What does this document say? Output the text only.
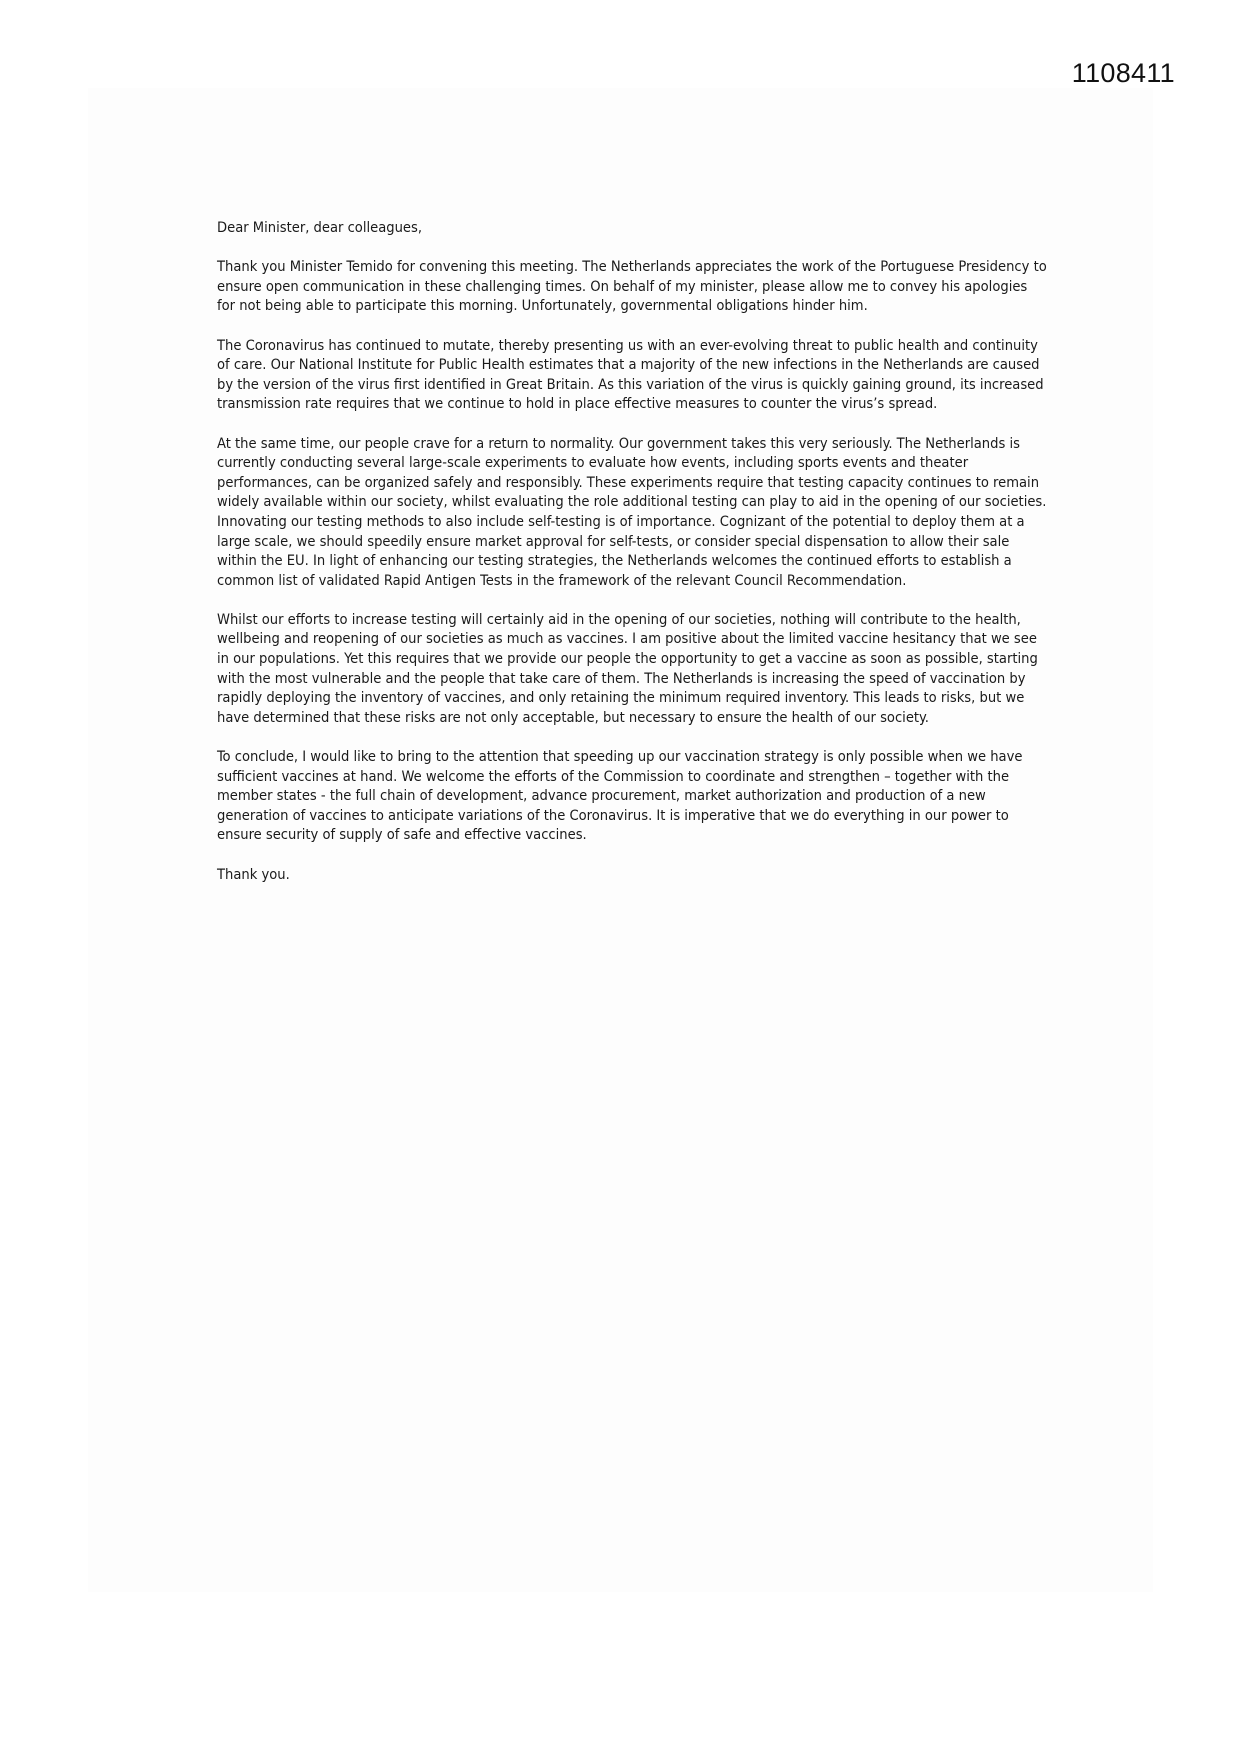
1108411

Dear Minister, dear colleagues,

Thank you Minister Temido for convening this meeting. The Netherlands appreciates the work of the Portuguese Presidency to ensure open communication in these challenging times. On behalf of my minister, please allow me to convey his apologies for not being able to participate this morning. Unfortunately, governmental obligations hinder him.

The Coronavirus has continued to mutate, thereby presenting us with an ever-evolving threat to public health and continuity of care. Our National Institute for Public Health estimates that a majority of the new infections in the Netherlands are caused by the version of the virus first identified in Great Britain. As this variation of the virus is quickly gaining ground, its increased transmission rate requires that we continue to hold in place effective measures to counter the virus’s spread.

At the same time, our people crave for a return to normality. Our government takes this very seriously. The Netherlands is currently conducting several large-scale experiments to evaluate how events, including sports events and theater performances, can be organized safely and responsibly. These experiments require that testing capacity continues to remain widely available within our society, whilst evaluating the role additional testing can play to aid in the opening of our societies. Innovating our testing methods to also include self-testing is of importance. Cognizant of the potential to deploy them at a large scale, we should speedily ensure market approval for self-tests, or consider special dispensation to allow their sale within the EU. In light of enhancing our testing strategies, the Netherlands welcomes the continued efforts to establish a common list of validated Rapid Antigen Tests in the framework of the relevant Council Recommendation.

Whilst our efforts to increase testing will certainly aid in the opening of our societies, nothing will contribute to the health, wellbeing and reopening of our societies as much as vaccines. I am positive about the limited vaccine hesitancy that we see in our populations. Yet this requires that we provide our people the opportunity to get a vaccine as soon as possible, starting with the most vulnerable and the people that take care of them. The Netherlands is increasing the speed of vaccination by rapidly deploying the inventory of vaccines, and only retaining the minimum required inventory. This leads to risks, but we have determined that these risks are not only acceptable, but necessary to ensure the health of our society.

To conclude, I would like to bring to the attention that speeding up our vaccination strategy is only possible when we have sufficient vaccines at hand. We welcome the efforts of the Commission to coordinate and strengthen – together with the member states - the full chain of development, advance procurement, market authorization and production of a new generation of vaccines to anticipate variations of the Coronavirus. It is imperative that we do everything in our power to ensure security of supply of safe and effective vaccines.

Thank you.
